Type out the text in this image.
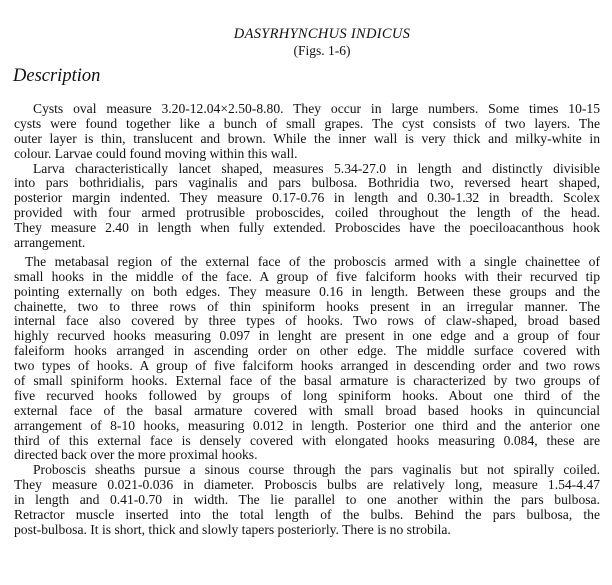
DASYRHYNCHUS INDICUS
(Figs. 1-6)
Description
Cysts oval measure 3.20-12.04×2.50-8.80. They occur in large numbers. Some times 10-15
cysts were found together like a bunch of small grapes. The cyst consists of two layers. The
outer layer is thin, translucent and brown. While the inner wall is very thick and milky-white in
colour. Larvae could found moving within this wall.
Larva characteristically lancet shaped, measures 5.34-27.0 in length and distinctly divisible
into pars bothridialis, pars vaginalis and pars bulbosa. Bothridia two, reversed heart shaped,
posterior margin indented. They measure 0.17-0.76 in length and 0.30-1.32 in breadth. Scolex
provided with four armed protrusible proboscides, coiled throughout the length of the head.
They measure 2.40 in length when fully extended. Proboscides have the poeciloacanthous hook
arrangement.
The metabasal region of the external face of the proboscis armed with a single chainettee of
small hooks in the middle of the face. A group of five falciform hooks with their recurved tip
pointing externally on both edges. They measure 0.16 in length. Between these groups and the
chainette, two to three rows of thin spiniform hooks present in an irregular manner. The
internal face also covered by three types of hooks. Two rows of claw-shaped, broad based
highly recurved hooks measuring 0.097 in lenght are present in one edge and a group of four
faleiform hooks arranged in ascending order on other edge. The middle surface covered with
two types of hooks. A group of five falciform hooks arranged in descending order and two rows
of small spiniform hooks. External face of the basal armature is characterized by two groups of
five recurved hooks followed by groups of long spiniform hooks. About one third of the
external face of the basal armature covered with small broad based hooks in quincuncial
arrangement of 8-10 hooks, measuring 0.012 in length. Posterior one third and the anterior one
third of this external face is densely covered with elongated hooks measuring 0.084, these are
directed back over the more proximal hooks.
Proboscis sheaths pursue a sinous course through the pars vaginalis but not spirally coiled.
They measure 0.021-0.036 in diameter. Proboscis bulbs are relatively long, measure 1.54-4.47
in length and 0.41-0.70 in width. The lie parallel to one another within the pars bulbosa.
Retractor muscle inserted into the total length of the bulbs. Behind the pars bulbosa, the
post-bulbosa. It is short, thick and slowly tapers posteriorly. There is no strobila.
